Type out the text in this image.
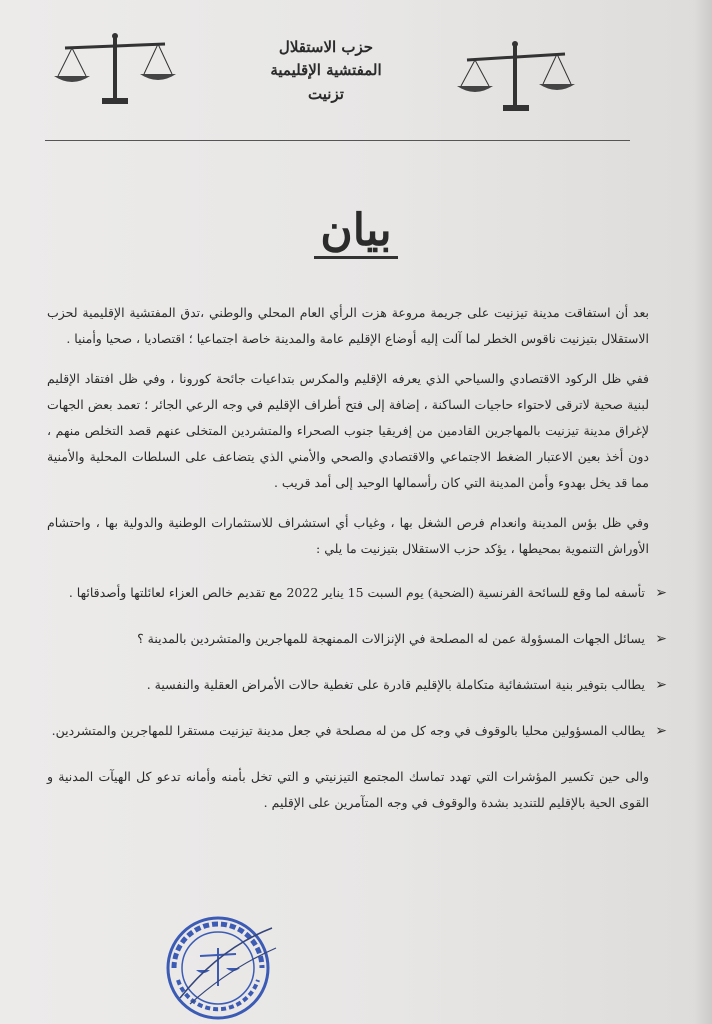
حزب الاستقلال
المفتشية الإقليمية
تزنيت
بيان

بعد أن استفاقت مدينة تيزنيت على جريمة مروعة هزت الرأي العام المحلي والوطني ،تدق المفتشية الإقليمية لحزب الاستقلال بتيزنيت ناقوس الخطر لما آلت إليه أوضاع الإقليم عامة والمدينة خاصة اجتماعيا ؛ اقتصاديا ، صحيا وأمنيا .

ففي ظل الركود الاقتصادي والسياحي الذي يعرفه الإقليم والمكرس بتداعيات جائحة كورونا ، وفي ظل افتقاد الإقليم لبنية صحية لاترقى لاحتواء حاجيات الساكنة ، إضافة إلى فتح أطراف الإقليم في وجه الرعي الجائر ؛ تعمد بعض الجهات لإغراق مدينة تيزنيت بالمهاجرين القادمين من إفريقيا جنوب الصحراء والمتشردين المتخلى عنهم قصد التخلص منهم ، دون أخذ بعين الاعتبار الضغط الاجتماعي والاقتصادي والصحي والأمني الذي يتضاعف على السلطات المحلية والأمنية مما قد يخل بهدوء وأمن المدينة التي كان رأسمالها الوحيد إلى أمد قريب .

وفي ظل بؤس المدينة وانعدام فرص الشغل بها ، وغياب أي استشراف للاستثمارات الوطنية والدولية بها ، واحتشام الأوراش التنموية بمحيطها ، يؤكد حزب الاستقلال بتيزنيت ما يلي :

➢
تأسفه لما وقع للسائحة الفرنسية (الضحية) يوم السبت 15 يناير 2022 مع تقديم خالص العزاء لعائلتها وأصدقائها .
➢
يسائل الجهات المسؤولة عمن له المصلحة في الإنزالات الممنهجة للمهاجرين والمتشردين بالمدينة ؟
➢
يطالب بتوفير بنية استشفائية متكاملة بالإقليم قادرة على تغطية حالات الأمراض العقلية والنفسية .
➢
يطالب المسؤولين محليا بالوقوف في وجه كل من له مصلحة في جعل مدينة تيزنيت مستقرا للمهاجرين والمتشردين.

والى حين تكسير المؤشرات التي تهدد تماسك المجتمع التيزنيتي و التي تخل بأمنه وأمانه تدعو كل الهيآت المدنية و القوى الحية بالإقليم للتنديد بشدة والوقوف في وجه المتآمرين على الإقليم .
